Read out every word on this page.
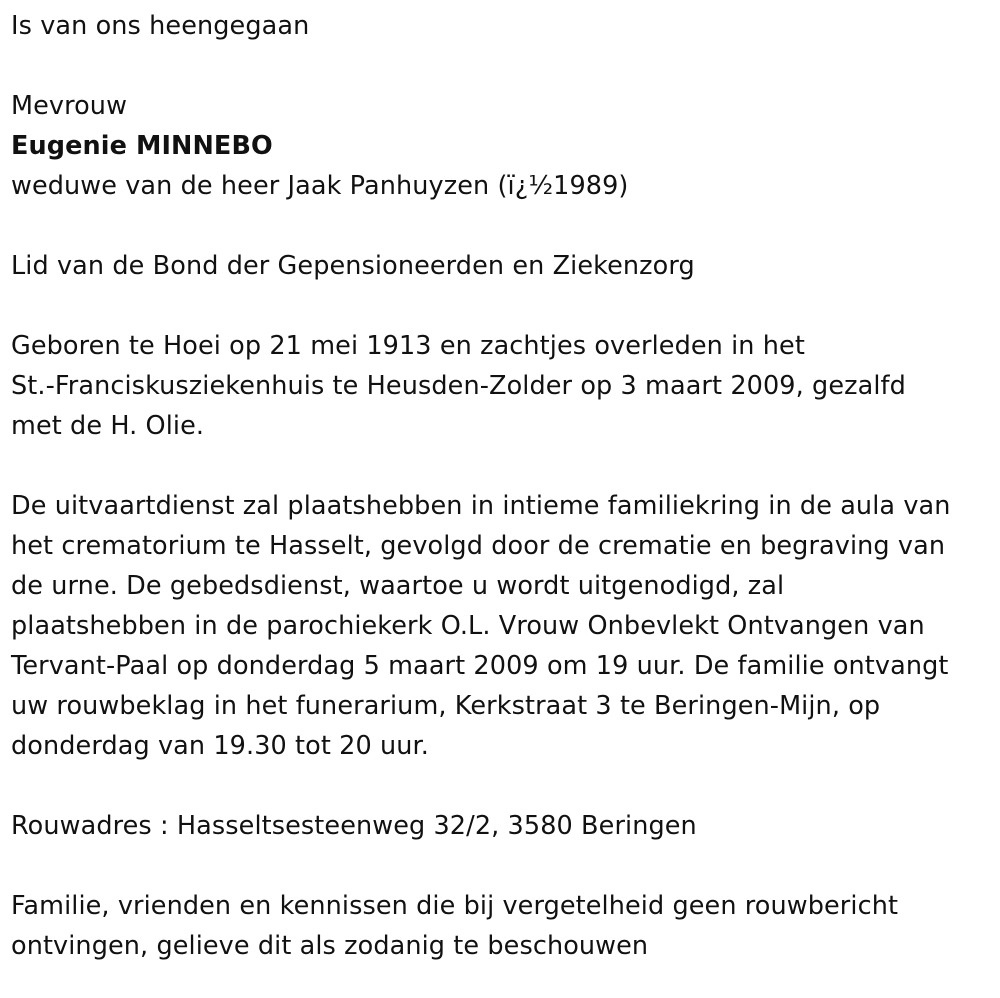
Is van ons heengegaan

Mevrouw

Eugenie MINNEBO

weduwe van de heer Jaak Panhuyzen (ï¿½1989)

Lid van de Bond der Gepensioneerden en Ziekenzorg

Geboren te Hoei op 21 mei 1913 en zachtjes overleden in het

St.-Franciskusziekenhuis te Heusden-Zolder op 3 maart 2009, gezalfd

met de H. Olie.

De uitvaartdienst zal plaatshebben in intieme familiekring in de aula van

het crematorium te Hasselt, gevolgd door de crematie en begraving van

de urne. De gebedsdienst, waartoe u wordt uitgenodigd, zal

plaatshebben in de parochiekerk O.L. Vrouw Onbevlekt Ontvangen van

Tervant-Paal op donderdag 5 maart 2009 om 19 uur. De familie ontvangt

uw rouwbeklag in het funerarium, Kerkstraat 3 te Beringen-Mijn, op

donderdag van 19.30 tot 20 uur.

Rouwadres : Hasseltsesteenweg 32/2, 3580 Beringen

Familie, vrienden en kennissen die bij vergetelheid geen rouwbericht

ontvingen, gelieve dit als zodanig te beschouwen
